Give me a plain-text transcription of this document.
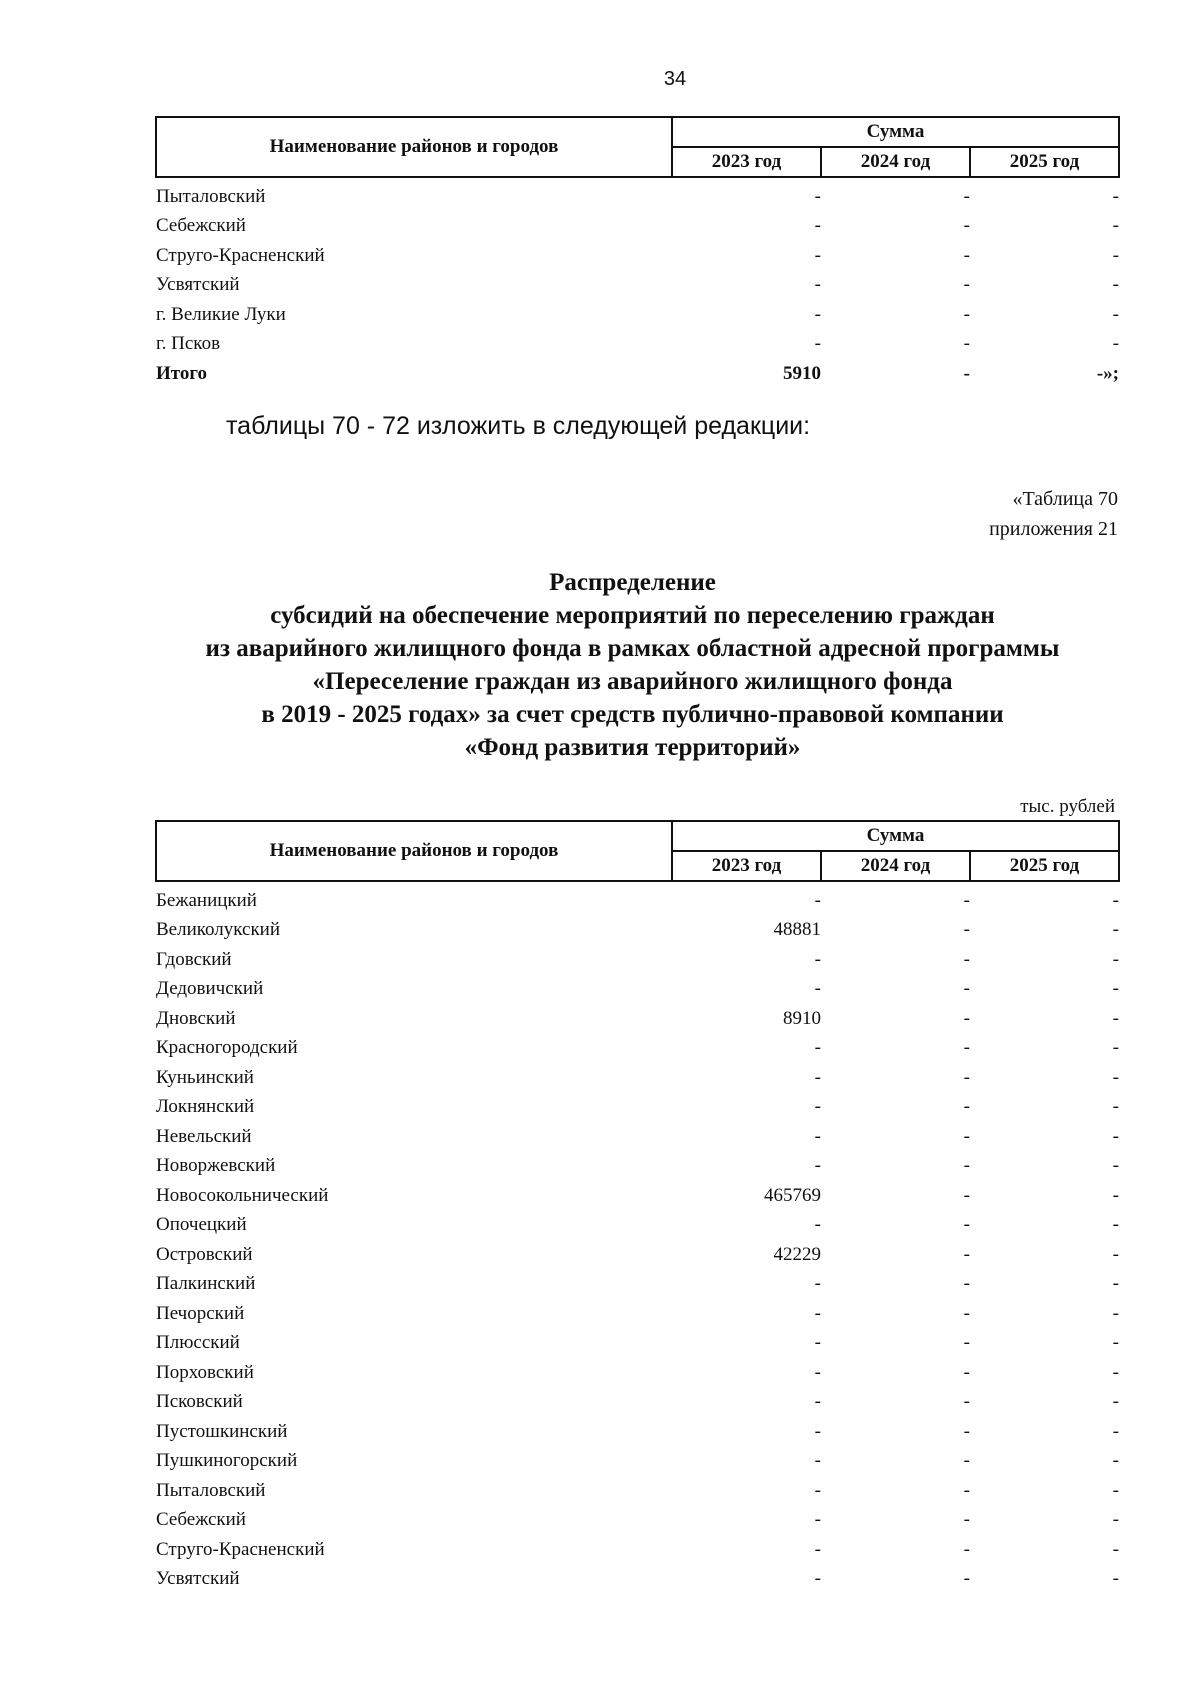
34
Наименование районов и городов	Сумма		
	2023 год	2024 год	2025 год
Пыталовский	-	-	-
Себежский	-	-	-
Струго-Красненский	-	-	-
Усвятский	-	-	-
г. Великие Луки	-	-	-
г. Псков	-	-	-
Итого	5910	-	-»;
таблицы 70 - 72 изложить в следующей редакции:
«Таблица 70
приложения 21
Распределение
субсидий на обеспечение мероприятий по переселению граждан
из аварийного жилищного фонда в рамках областной адресной программы
«Переселение граждан из аварийного жилищного фонда
в 2019 - 2025 годах» за счет средств публично-правовой компании
«Фонд развития территорий»
тыс. рублей
Наименование районов и городов	Сумма		
	2023 год	2024 год	2025 год
Бежаницкий	-	-	-
Великолукский	48881	-	-
Гдовский	-	-	-
Дедовичский	-	-	-
Дновский	8910	-	-
Красногородский	-	-	-
Куньинский	-	-	-
Локнянский	-	-	-
Невельский	-	-	-
Новоржевский	-	-	-
Новосокольнический	465769	-	-
Опочецкий	-	-	-
Островский	42229	-	-
Палкинский	-	-	-
Печорский	-	-	-
Плюсский	-	-	-
Порховский	-	-	-
Псковский	-	-	-
Пустошкинский	-	-	-
Пушкиногорский	-	-	-
Пыталовский	-	-	-
Себежский	-	-	-
Струго-Красненский	-	-	-
Усвятский	-	-	-
